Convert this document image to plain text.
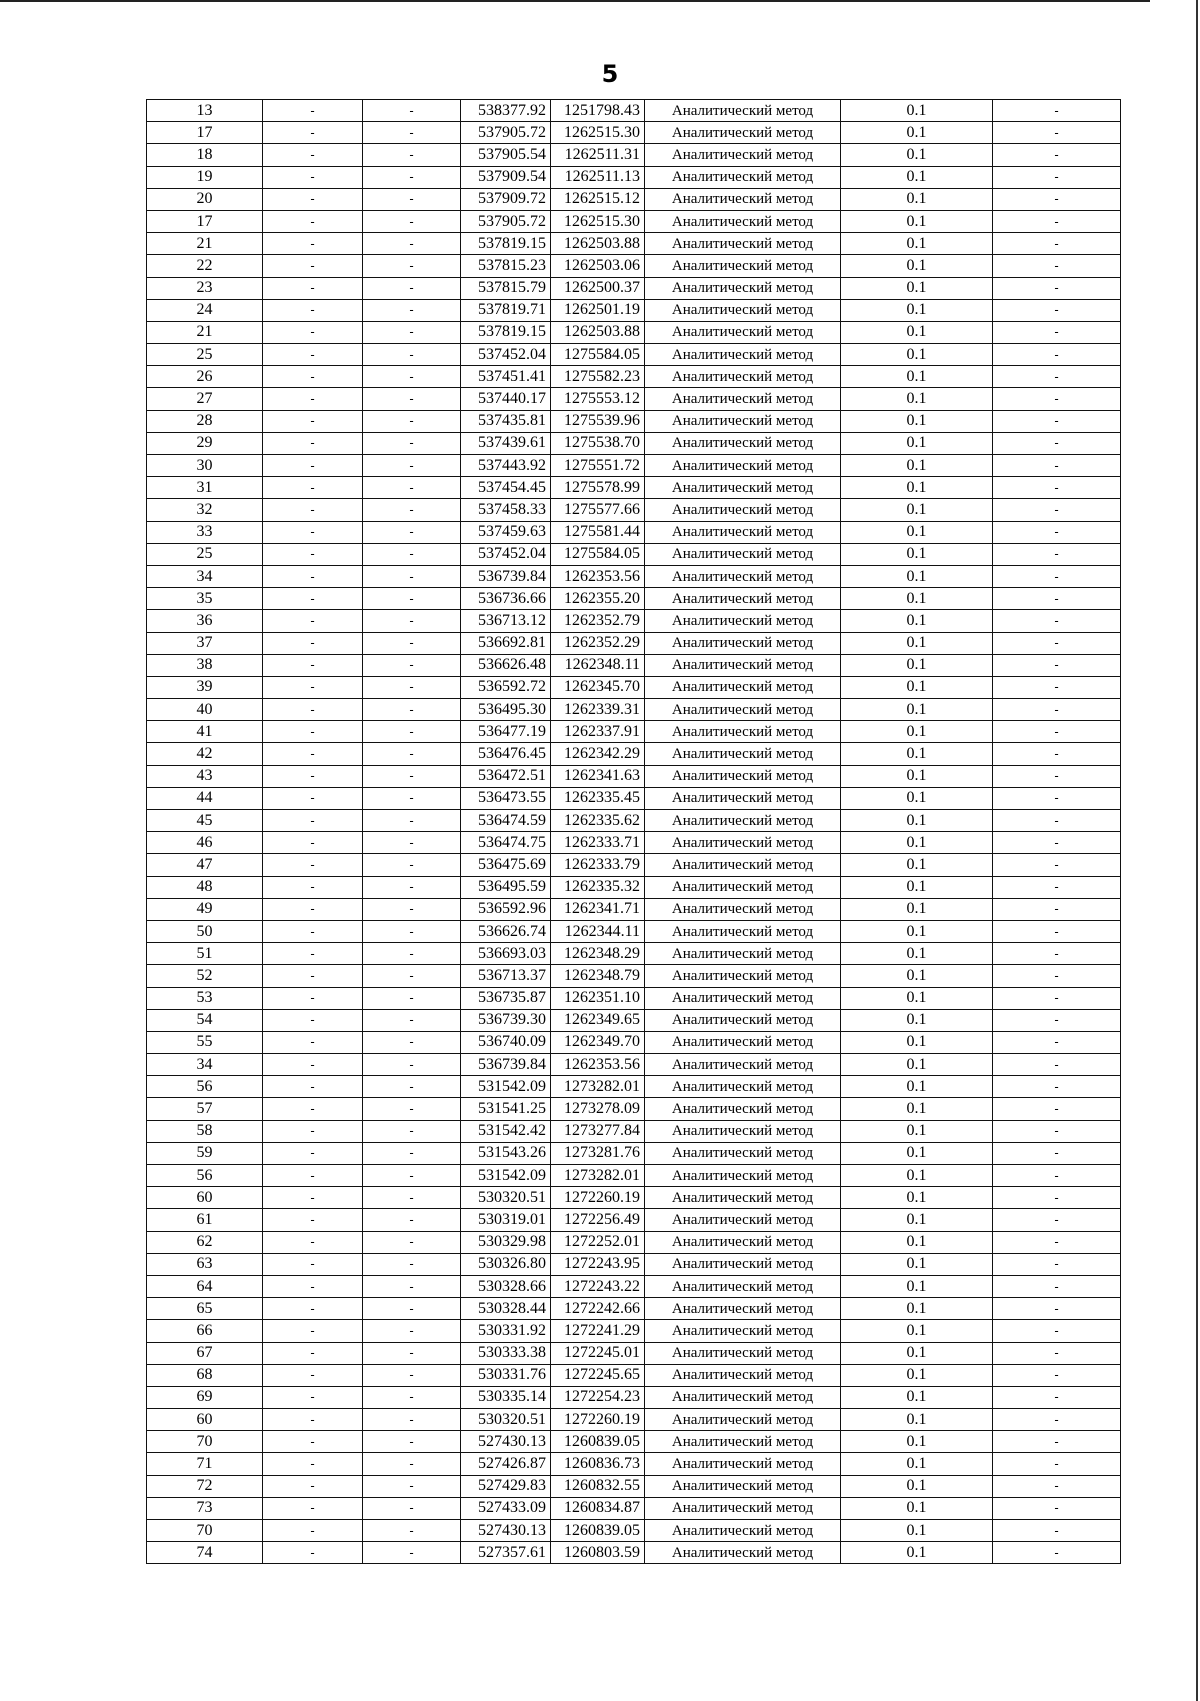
5
13	-	-	538377.92	1251798.43	Аналитический метод	0.1	-
17	-	-	537905.72	1262515.30	Аналитический метод	0.1	-
18	-	-	537905.54	1262511.31	Аналитический метод	0.1	-
19	-	-	537909.54	1262511.13	Аналитический метод	0.1	-
20	-	-	537909.72	1262515.12	Аналитический метод	0.1	-
17	-	-	537905.72	1262515.30	Аналитический метод	0.1	-
21	-	-	537819.15	1262503.88	Аналитический метод	0.1	-
22	-	-	537815.23	1262503.06	Аналитический метод	0.1	-
23	-	-	537815.79	1262500.37	Аналитический метод	0.1	-
24	-	-	537819.71	1262501.19	Аналитический метод	0.1	-
21	-	-	537819.15	1262503.88	Аналитический метод	0.1	-
25	-	-	537452.04	1275584.05	Аналитический метод	0.1	-
26	-	-	537451.41	1275582.23	Аналитический метод	0.1	-
27	-	-	537440.17	1275553.12	Аналитический метод	0.1	-
28	-	-	537435.81	1275539.96	Аналитический метод	0.1	-
29	-	-	537439.61	1275538.70	Аналитический метод	0.1	-
30	-	-	537443.92	1275551.72	Аналитический метод	0.1	-
31	-	-	537454.45	1275578.99	Аналитический метод	0.1	-
32	-	-	537458.33	1275577.66	Аналитический метод	0.1	-
33	-	-	537459.63	1275581.44	Аналитический метод	0.1	-
25	-	-	537452.04	1275584.05	Аналитический метод	0.1	-
34	-	-	536739.84	1262353.56	Аналитический метод	0.1	-
35	-	-	536736.66	1262355.20	Аналитический метод	0.1	-
36	-	-	536713.12	1262352.79	Аналитический метод	0.1	-
37	-	-	536692.81	1262352.29	Аналитический метод	0.1	-
38	-	-	536626.48	1262348.11	Аналитический метод	0.1	-
39	-	-	536592.72	1262345.70	Аналитический метод	0.1	-
40	-	-	536495.30	1262339.31	Аналитический метод	0.1	-
41	-	-	536477.19	1262337.91	Аналитический метод	0.1	-
42	-	-	536476.45	1262342.29	Аналитический метод	0.1	-
43	-	-	536472.51	1262341.63	Аналитический метод	0.1	-
44	-	-	536473.55	1262335.45	Аналитический метод	0.1	-
45	-	-	536474.59	1262335.62	Аналитический метод	0.1	-
46	-	-	536474.75	1262333.71	Аналитический метод	0.1	-
47	-	-	536475.69	1262333.79	Аналитический метод	0.1	-
48	-	-	536495.59	1262335.32	Аналитический метод	0.1	-
49	-	-	536592.96	1262341.71	Аналитический метод	0.1	-
50	-	-	536626.74	1262344.11	Аналитический метод	0.1	-
51	-	-	536693.03	1262348.29	Аналитический метод	0.1	-
52	-	-	536713.37	1262348.79	Аналитический метод	0.1	-
53	-	-	536735.87	1262351.10	Аналитический метод	0.1	-
54	-	-	536739.30	1262349.65	Аналитический метод	0.1	-
55	-	-	536740.09	1262349.70	Аналитический метод	0.1	-
34	-	-	536739.84	1262353.56	Аналитический метод	0.1	-
56	-	-	531542.09	1273282.01	Аналитический метод	0.1	-
57	-	-	531541.25	1273278.09	Аналитический метод	0.1	-
58	-	-	531542.42	1273277.84	Аналитический метод	0.1	-
59	-	-	531543.26	1273281.76	Аналитический метод	0.1	-
56	-	-	531542.09	1273282.01	Аналитический метод	0.1	-
60	-	-	530320.51	1272260.19	Аналитический метод	0.1	-
61	-	-	530319.01	1272256.49	Аналитический метод	0.1	-
62	-	-	530329.98	1272252.01	Аналитический метод	0.1	-
63	-	-	530326.80	1272243.95	Аналитический метод	0.1	-
64	-	-	530328.66	1272243.22	Аналитический метод	0.1	-
65	-	-	530328.44	1272242.66	Аналитический метод	0.1	-
66	-	-	530331.92	1272241.29	Аналитический метод	0.1	-
67	-	-	530333.38	1272245.01	Аналитический метод	0.1	-
68	-	-	530331.76	1272245.65	Аналитический метод	0.1	-
69	-	-	530335.14	1272254.23	Аналитический метод	0.1	-
60	-	-	530320.51	1272260.19	Аналитический метод	0.1	-
70	-	-	527430.13	1260839.05	Аналитический метод	0.1	-
71	-	-	527426.87	1260836.73	Аналитический метод	0.1	-
72	-	-	527429.83	1260832.55	Аналитический метод	0.1	-
73	-	-	527433.09	1260834.87	Аналитический метод	0.1	-
70	-	-	527430.13	1260839.05	Аналитический метод	0.1	-
74	-	-	527357.61	1260803.59	Аналитический метод	0.1	-
